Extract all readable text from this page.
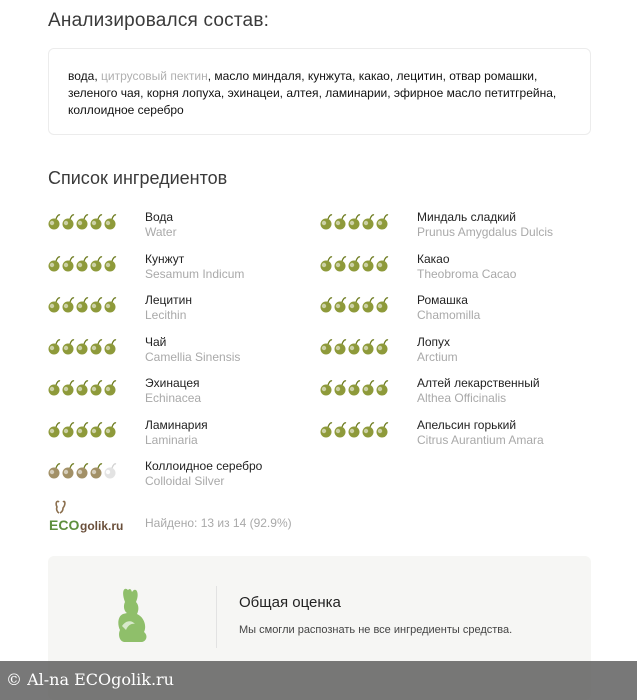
Анализировался состав:
вода, цитрусовый пектин, масло миндаля, кунжута, какао, лецитин, отвар ромашки, зеленого чая, корня лопуха, эхинацеи, алтея, ламинарии, эфирное масло петитгрейна, коллоидное серебро
Список ингредиентов
Вода
Water
Миндаль сладкий
Prunus Amygdalus Dulcis
Кунжут
Sesamum Indicum
Какао
Theobroma Cacao
Лецитин
Lecithin
Ромашка
Chamomilla
Чай
Camellia Sinensis
Лопух
Arctium
Эхинацея
Echinacea
Алтей лекарственный
Althea Officinalis
Ламинария
Laminaria
Апельсин горький
Citrus Aurantium Amara
Коллоидное серебро
Colloidal Silver
ECO golik.ru Найдено: 13 из 14 (92.9%)
Общая оценка
Мы смогли распознать не все ингредиенты средства.
© Al-na ECOgolik.ru
